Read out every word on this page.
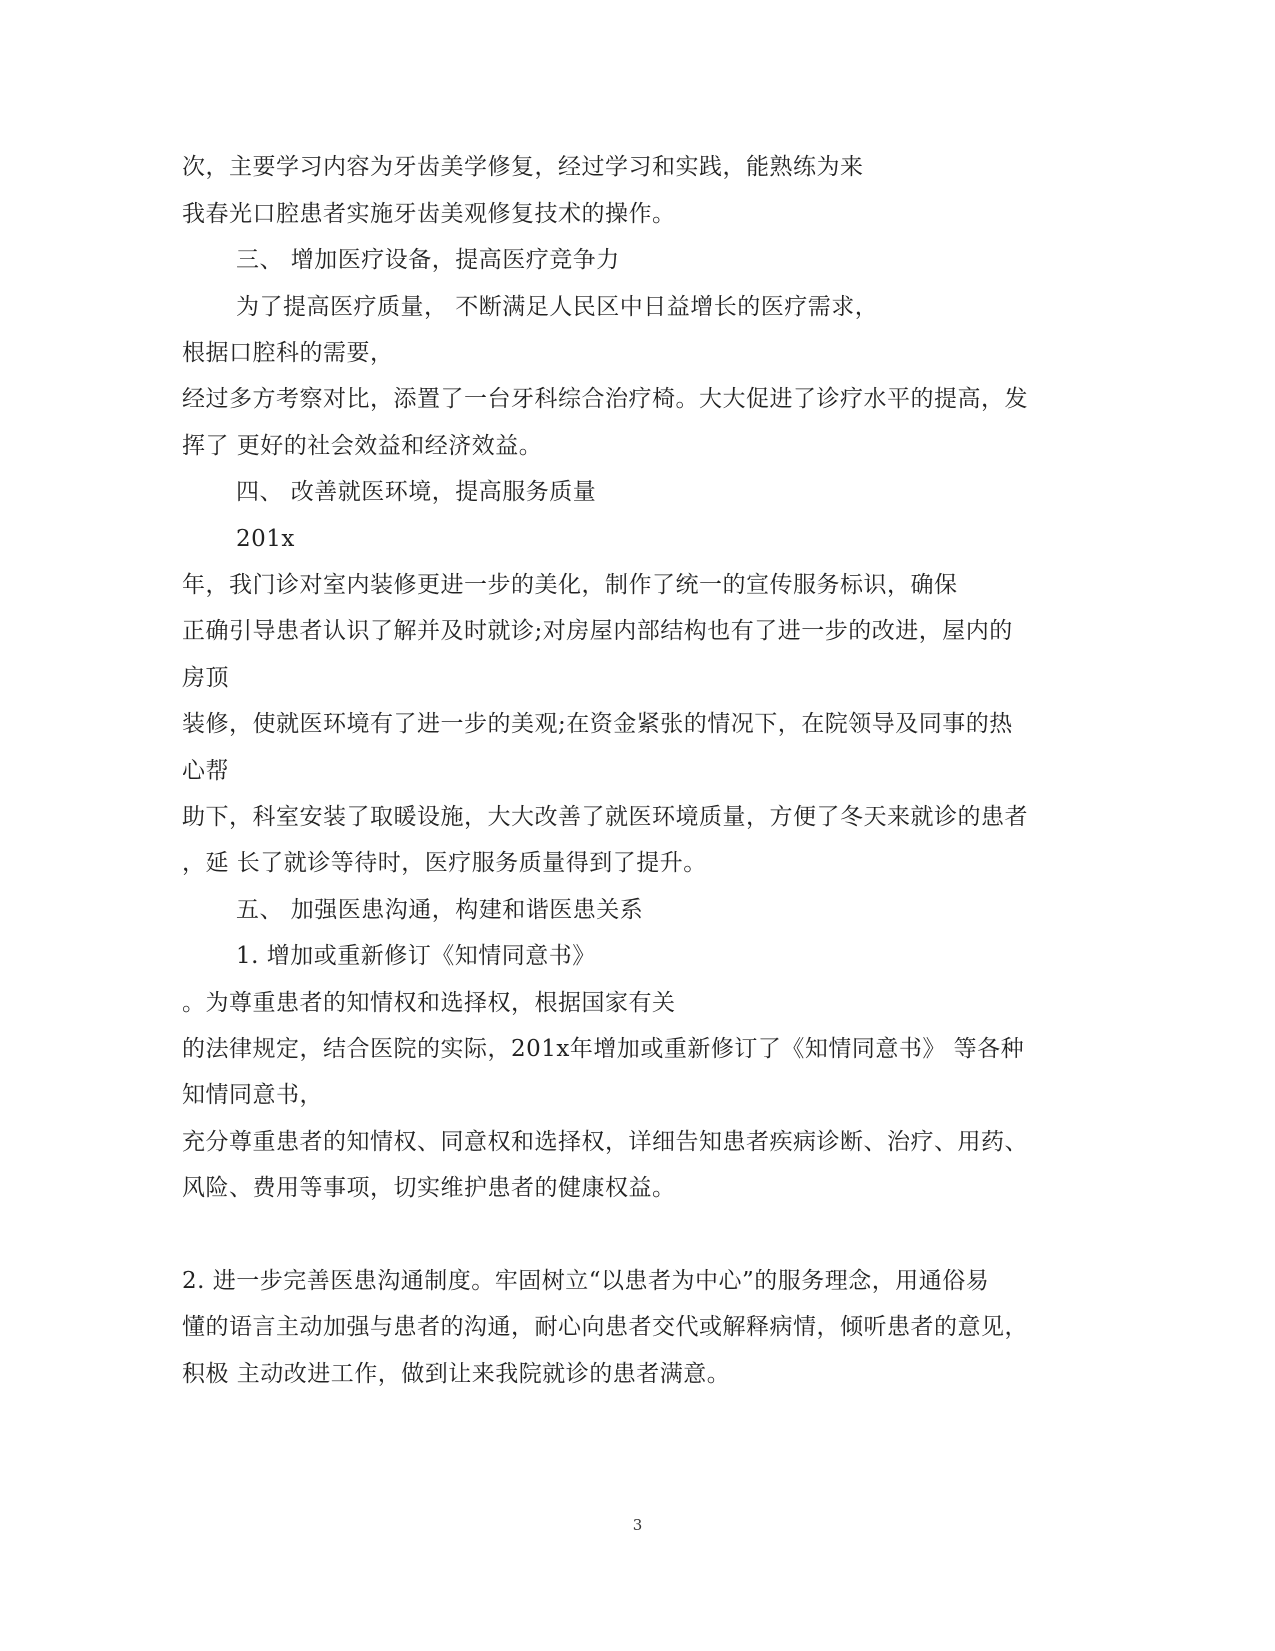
次，主要学习内容为牙齿美学修复，经过学习和实践，能熟练为来
我春光口腔患者实施牙齿美观修复技术的操作。
三、 增加医疗设备，提高医疗竞争力
为了提高医疗质量， 不断满足人民区中日益增长的医疗需求，
根据口腔科的需要，
经过多方考察对比，添置了一台牙科综合治疗椅。大大促进了诊疗水平的提高，发
挥了 更好的社会效益和经济效益。
四、 改善就医环境，提高服务质量
201x
年，我门诊对室内装修更进一步的美化，制作了统一的宣传服务标识，确保
正确引导患者认识了解并及时就诊;对房屋内部结构也有了进一步的改进，屋内的
房顶
装修，使就医环境有了进一步的美观;在资金紧张的情况下，在院领导及同事的热
心帮
助下，科室安装了取暖设施，大大改善了就医环境质量，方便了冬天来就诊的患者
，延 长了就诊等待时，医疗服务质量得到了提升。
五、 加强医患沟通，构建和谐医患关系
1. 增加或重新修订《知情同意书》
。为尊重患者的知情权和选择权，根据国家有关
的法律规定，结合医院的实际，201x年增加或重新修订了《知情同意书》 等各种
知情同意书，
充分尊重患者的知情权、同意权和选择权，详细告知患者疾病诊断、治疗、用药、
风险、费用等事项，切实维护患者的健康权益。
2. 进一步完善医患沟通制度。牢固树立“以患者为中心”的服务理念，用通俗易
懂的语言主动加强与患者的沟通，耐心向患者交代或解释病情，倾听患者的意见，
积极 主动改进工作，做到让来我院就诊的患者满意。
3
